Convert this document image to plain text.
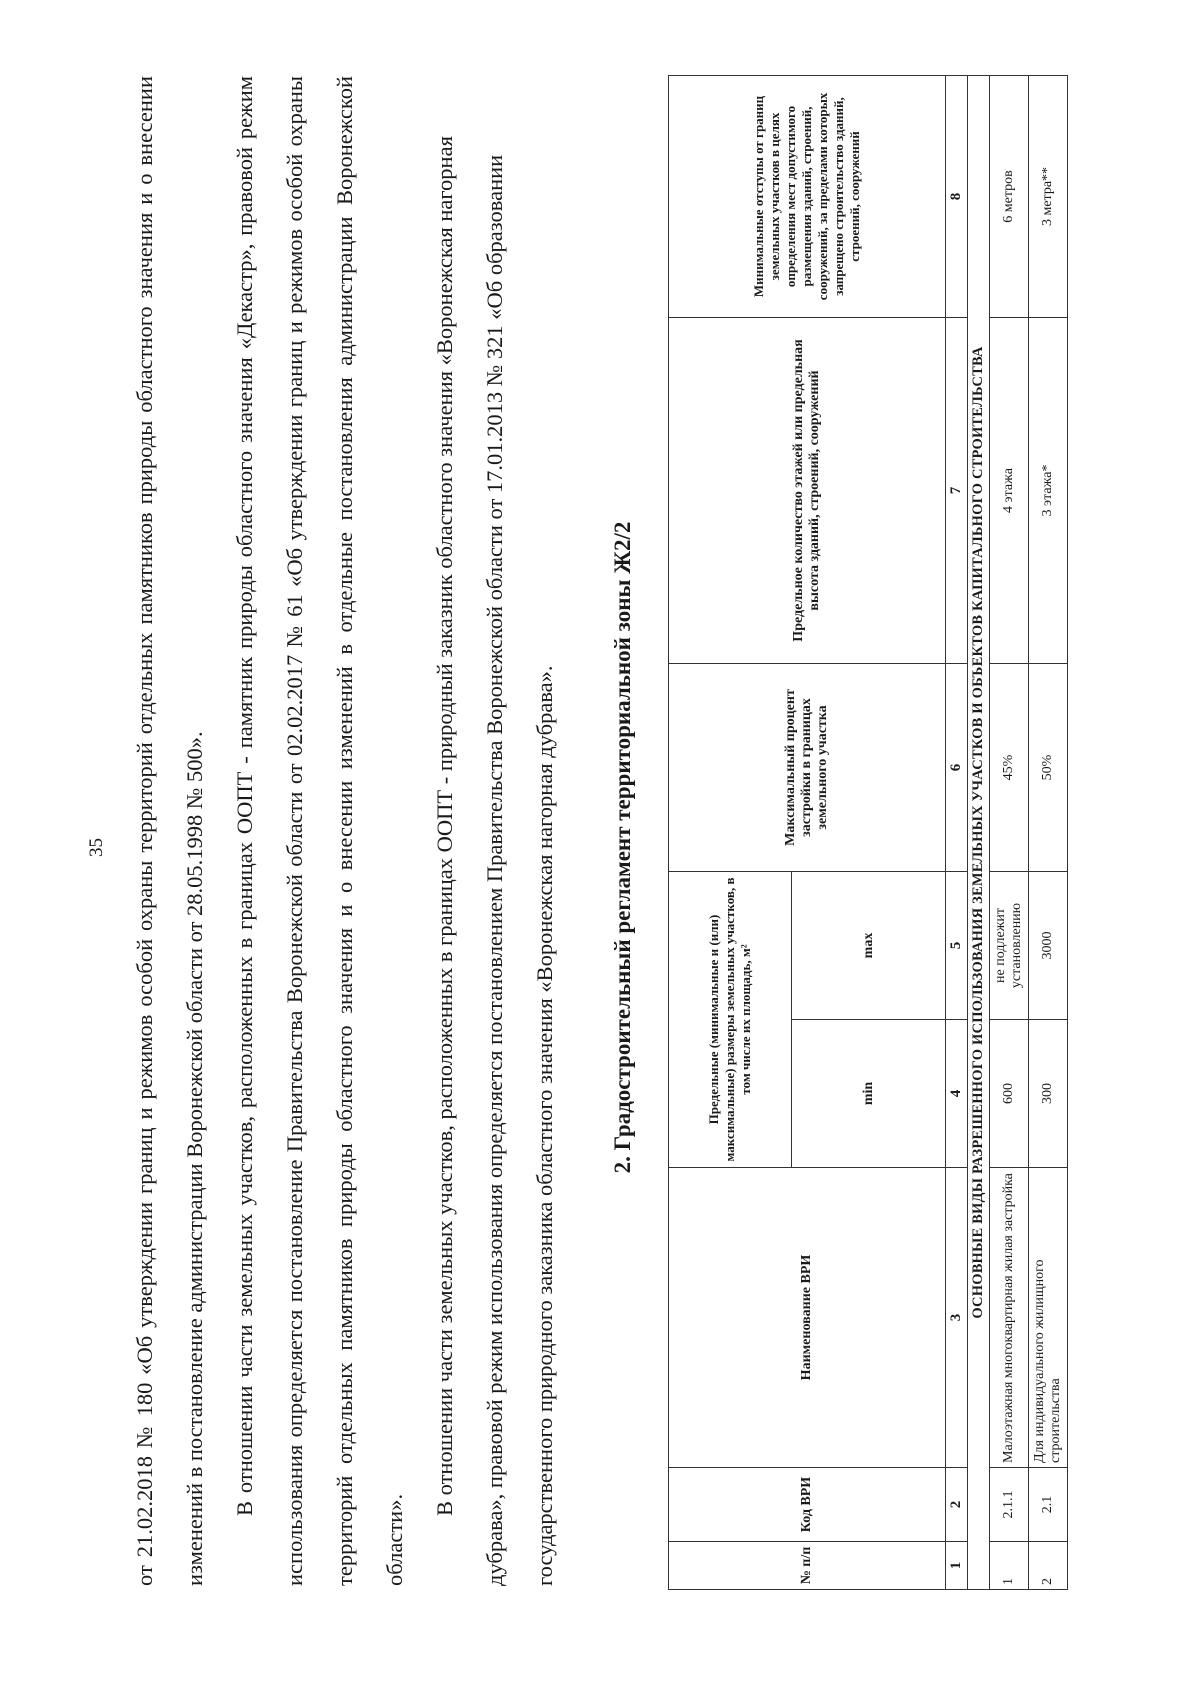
35	от 21.02.2018 № 180 «Об утверждении границ и режимов особой охраны территорий отдельных памятников природы областного значения и о внесении изменений в постановление администрации Воронежской области от 28.05.1998 № 500».	В отношении части земельных участков, расположенных в границах ООПТ - памятник природы областного значения «Декастр», правовой режим использования определяется постановление Правительства Воронежской области от 02.02.2017 № 61 «Об утверждении границ и режимов особой охраны территорий отдельных памятников природы областного значения и о внесении изменений в отдельные постановления администрации Воронежской области».

В отношении части земельных участков, расположенных в границах ООПТ - природный заказник областного значения «Воронежская нагорная дубрава», правовой режим использования определяется постановлением Правительства Воронежской области от 17.01.2013 № 321 «Об образовании государственного природного заказника областного значения «Воронежская нагорная дубрава».	2. Градостроительный регламент территориальной зоны Ж2/2
№ п/п	Код ВРИ	Наименование ВРИ	Предельные (минимальные и (или) максимальные) размеры земельных участков, в том числе их площадь, м²		Максимальный процент застройки в границах земельного участка	Предельное количество этажей или предельная высота зданий, строений, сооружений	Минимальные отступы от границ земельных участков в целях определения мест допустимого размещения зданий, строений, сооружений, за пределами которых запрещено строительство зданий, строений, сооружений
			min	max			
1	2	3	4	5	6	7	8
ОСНОВНЫЕ ВИДЫ РАЗРЕШЕННОГО ИСПОЛЬЗОВАНИЯ ЗЕМЕЛЬНЫХ УЧАСТКОВ И ОБЪЕКТОВ КАПИТАЛЬНОГО СТРОИТЕЛЬСТВА							
1	2.1.1	Малоэтажная многоквартирная жилая застройка	600	не подлежит установлению	45%	4 этажа	6 метров
2	2.1	Для индивидуального жилищного строительства	300	3000	50%	3 этажа*	3 метра**
